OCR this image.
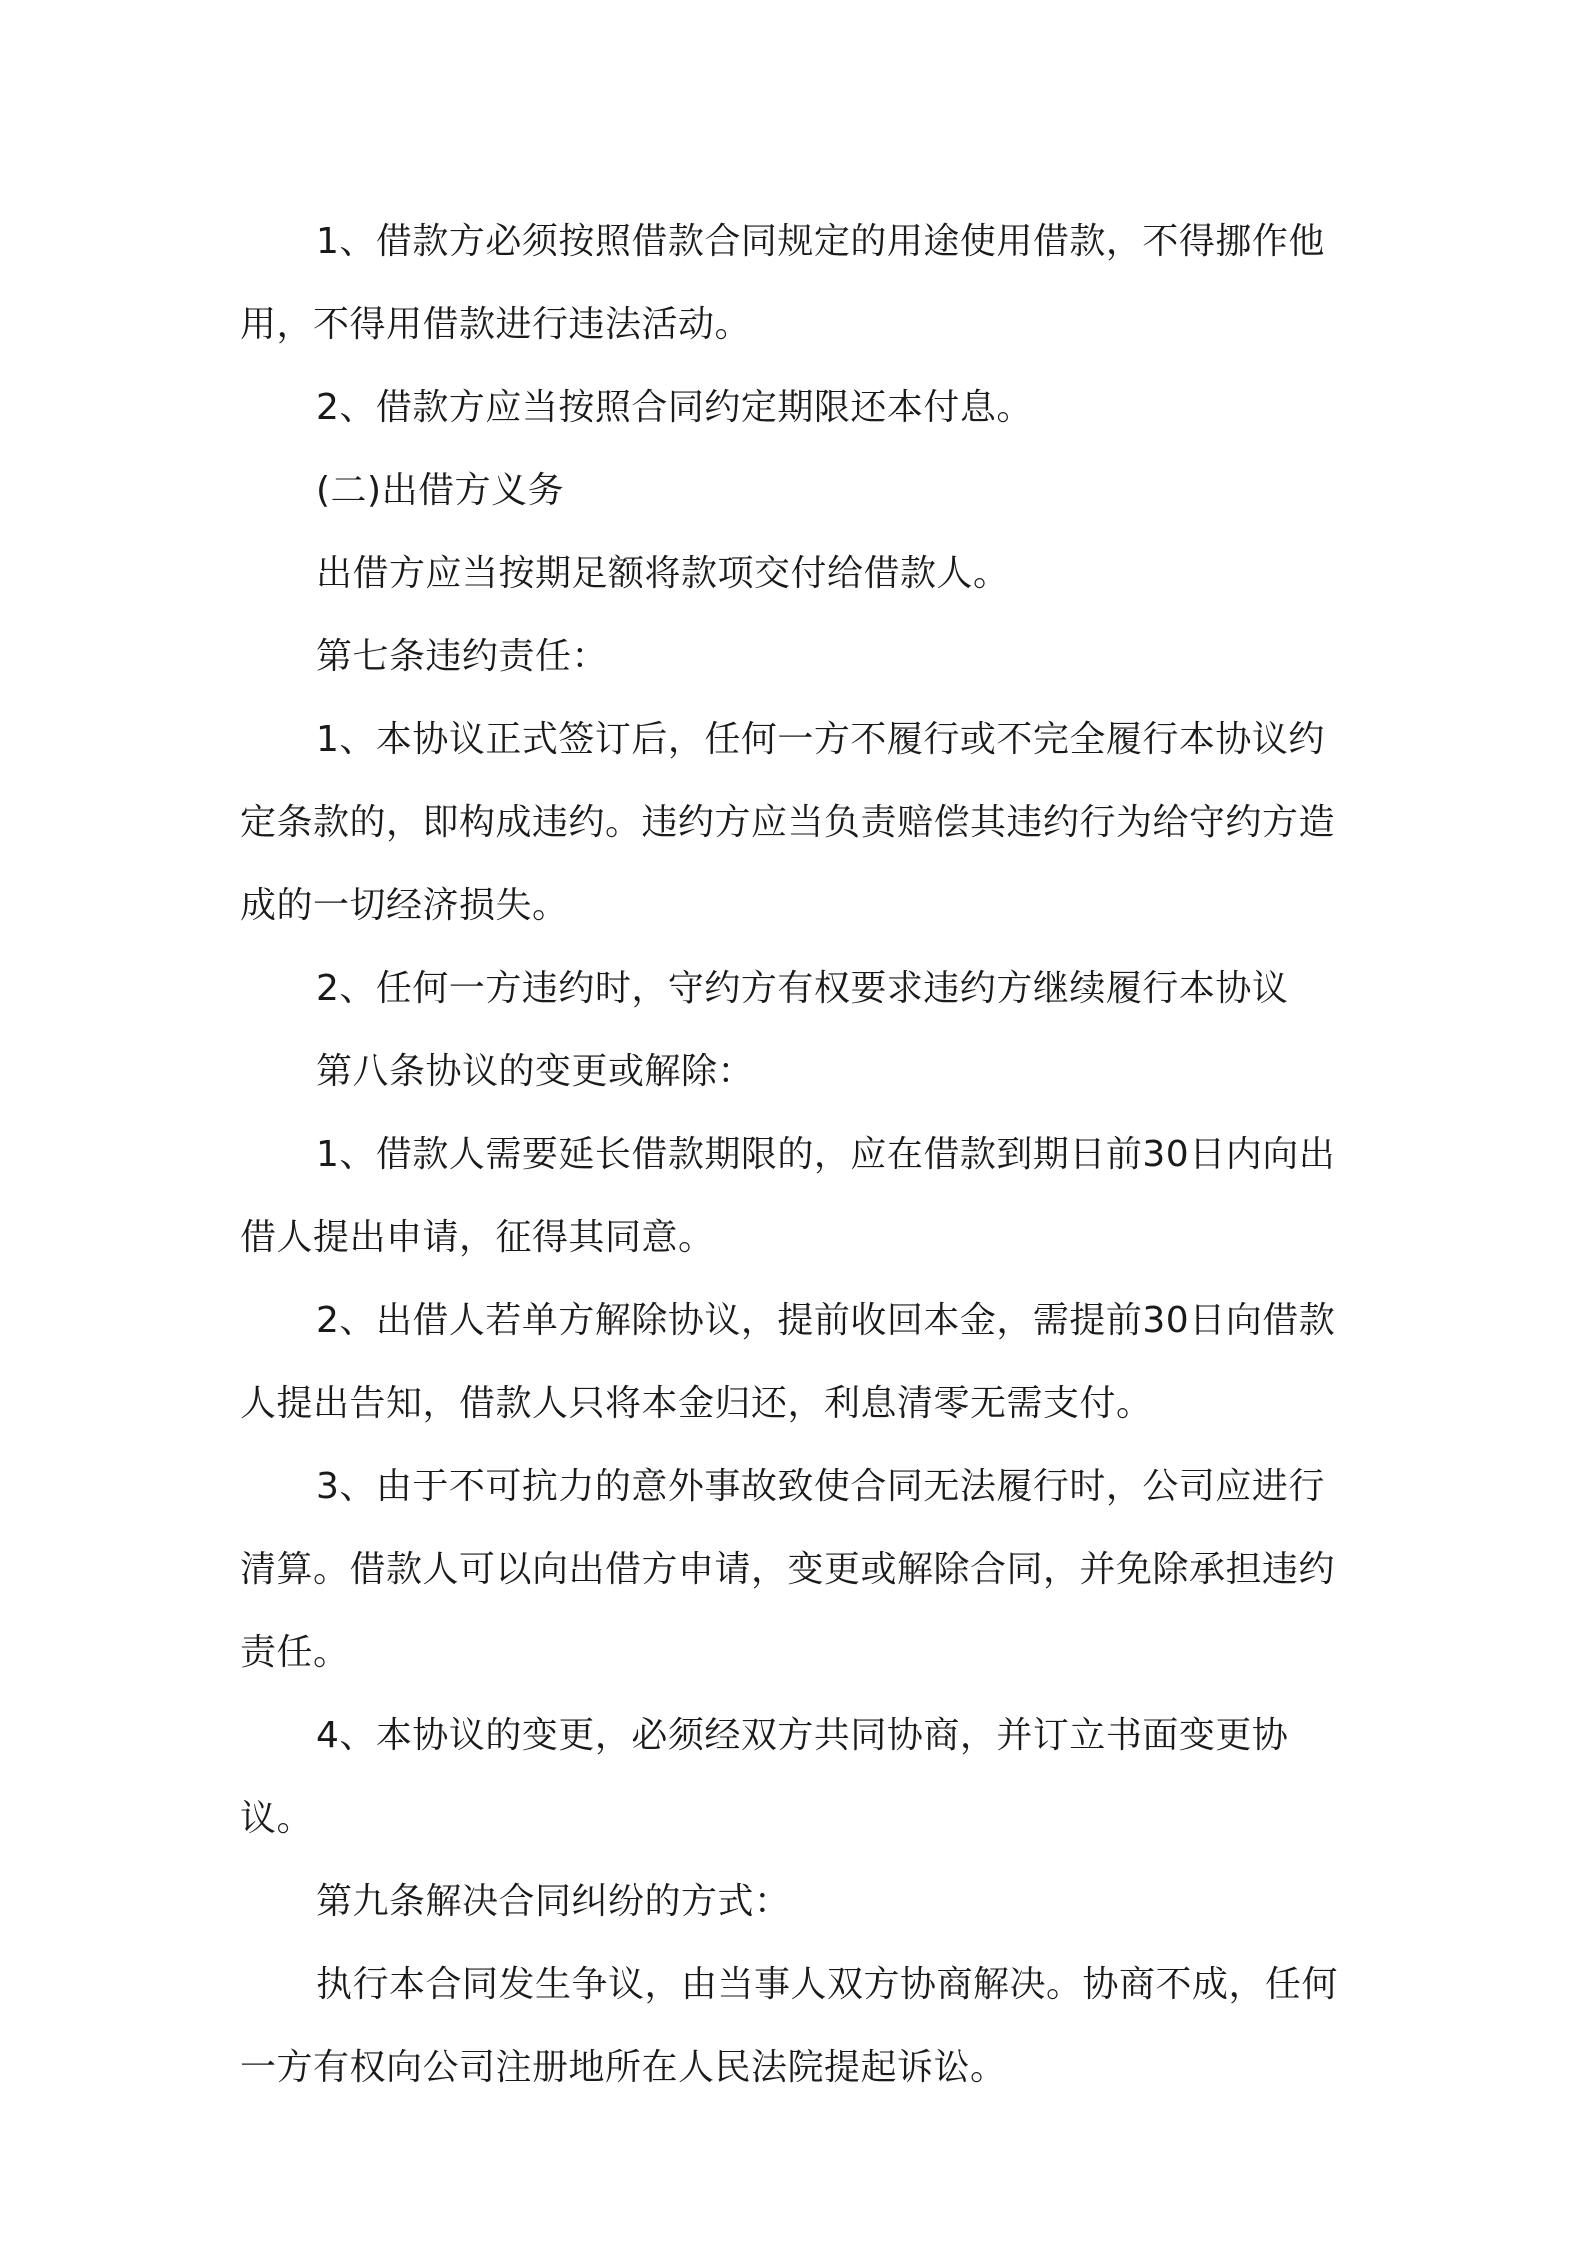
1、借款方必须按照借款合同规定的用途使用借款，不得挪作他用，不得用借款进行违法活动。

2、借款方应当按照合同约定期限还本付息。

(二)出借方义务

出借方应当按期足额将款项交付给借款人。

第七条违约责任：

1、本协议正式签订后，任何一方不履行或不完全履行本协议约定条款的，即构成违约。违约方应当负责赔偿其违约行为给守约方造成的一切经济损失。

2、任何一方违约时，守约方有权要求违约方继续履行本协议

第八条协议的变更或解除：

1、借款人需要延长借款期限的，应在借款到期日前30日内向出借人提出申请，征得其同意。

2、出借人若单方解除协议，提前收回本金，需提前30日向借款人提出告知，借款人只将本金归还，利息清零无需支付。

3、由于不可抗力的意外事故致使合同无法履行时，公司应进行清算。借款人可以向出借方申请，变更或解除合同，并免除承担违约责任。

4、本协议的变更，必须经双方共同协商，并订立书面变更协议。

第九条解决合同纠纷的方式：

执行本合同发生争议，由当事人双方协商解决。协商不成，任何一方有权向公司注册地所在人民法院提起诉讼。
